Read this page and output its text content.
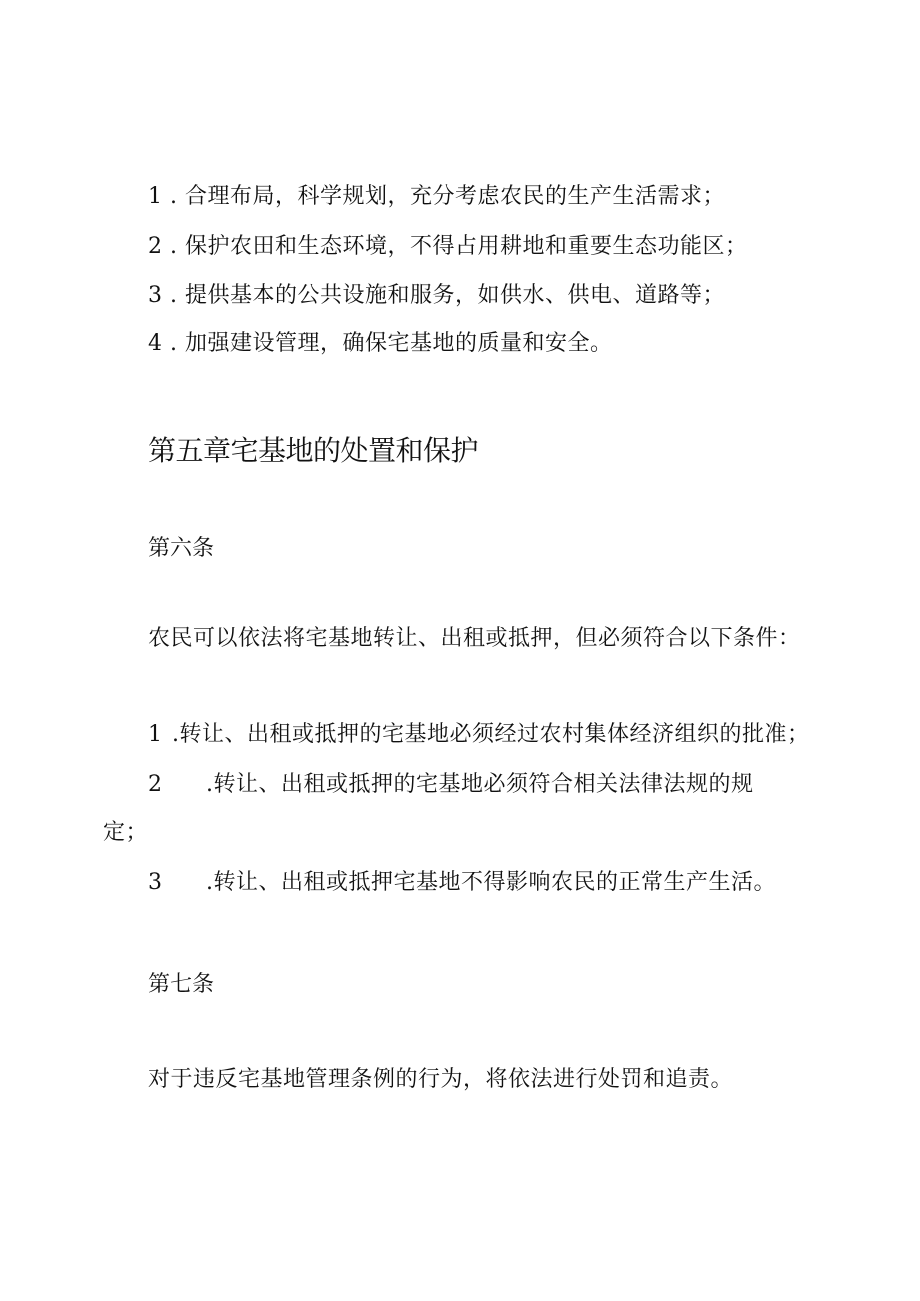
1 . 合理布局，科学规划，充分考虑农民的生产生活需求；
2 . 保护农田和生态环境，不得占用耕地和重要生态功能区；
3 . 提供基本的公共设施和服务，如供水、供电、道路等；
4 . 加强建设管理，确保宅基地的质量和安全。
第五章宅基地的处置和保护
第六条
农民可以依法将宅基地转让、出租或抵押，但必须符合以下条件：
1 .转让、出租或抵押的宅基地必须经过农村集体经济组织的批准；
2 .转让、出租或抵押的宅基地必须符合相关法律法规的规
定；
3 .转让、出租或抵押宅基地不得影响农民的正常生产生活。
第七条
对于违反宅基地管理条例的行为，将依法进行处罚和追责。
